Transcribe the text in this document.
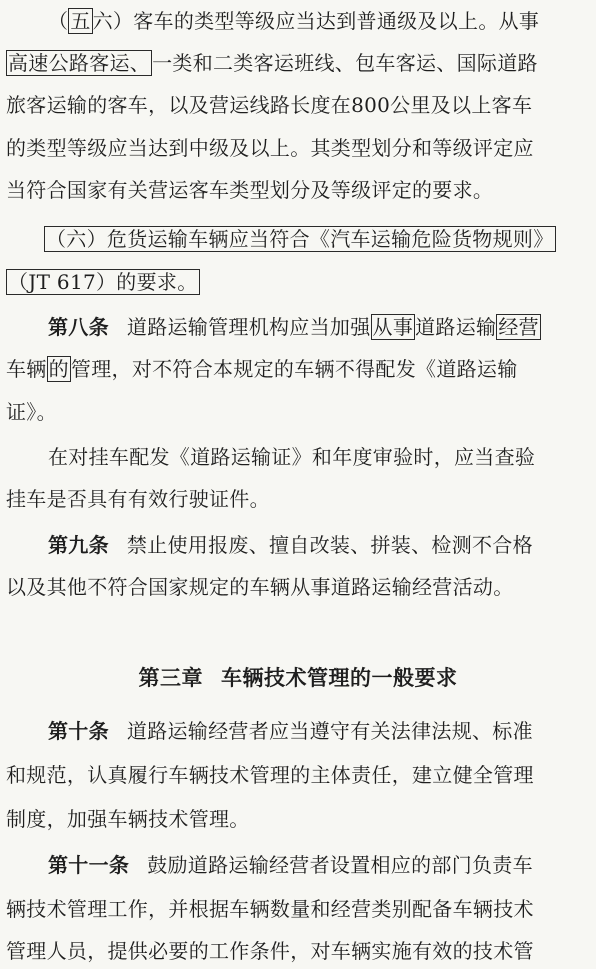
（ 五 六）客车的类型等级应当达到普通级及以上。从事
高速公路客运、 一类和二类客运班线、包车客运、国际道路
旅客运输的客车，以及营运线路长度在800公里及以上客车
的类型等级应当达到中级及以上。其类型划分和等级评定应
当符合国家有关营运客车类型划分及等级评定的要求。
（六）危货运输车辆应当符合《汽车运输危险货物规则》
（JT 617）的要求。
第八条 道路运输管理机构应当加强 从事 道路运输 经营
车辆 的 管理，对不符合本规定的车辆不得配发《道路运输
证》。
在对挂车配发《道路运输证》和年度审验时，应当查验
挂车是否具有有效行驶证件。
第九条 禁止使用报废、擅自改装、拼装、检测不合格
以及其他不符合国家规定的车辆从事道路运输经营活动。
第三章 车辆技术管理的一般要求
第十条 道路运输经营者应当遵守有关法律法规、标准
和规范，认真履行车辆技术管理的主体责任，建立健全管理
制度，加强车辆技术管理。
第十一条 鼓励道路运输经营者设置相应的部门负责车
辆技术管理工作，并根据车辆数量和经营类别配备车辆技术
管理人员，提供必要的工作条件，对车辆实施有效的技术管
